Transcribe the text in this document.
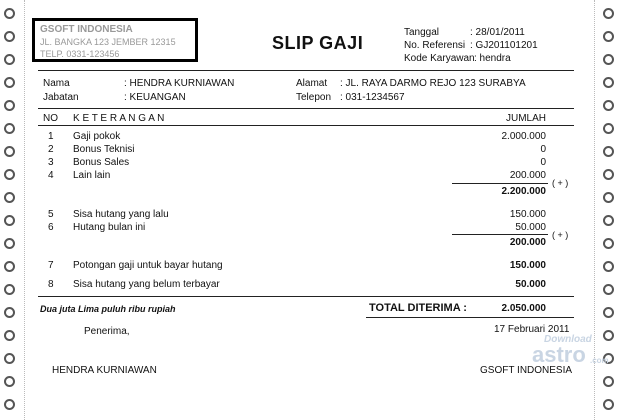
GSOFT INDONESIA
JL. BANGKA 123 JEMBER 12315
TELP. 0331-123456
SLIP GAJI
Tanggal	: 28/01/2011
No. Referensi : GJ201101201
Kode Karyawan : hendra
Nama	: HENDRA KURNIAWAN
Jabatan	: KEUANGAN
Alamat : JL. RAYA DARMO REJO 123 SURABYA
Telepon : 031-1234567
NO K E T E R A N G A N	JUMLAH
1 Gaji pokok	2.000.000
2 Bonus Teknisi	0
3 Bonus Sales	0
4 Lain lain	200.000
2.200.000
( + )
5 Sisa hutang yang lalu	150.000
6 Hutang bulan ini	50.000
200.000
( + )
7 Potongan gaji untuk bayar hutang	150.000
8 Sisa hutang yang belum terbayar	50.000
Dua juta Lima puluh ribu rupiah	TOTAL DITERIMA :	2.050.000
Penerima,	17 Februari 2011
HENDRA KURNIAWAN	GSOFT INDONESIA
Download
astro .com
